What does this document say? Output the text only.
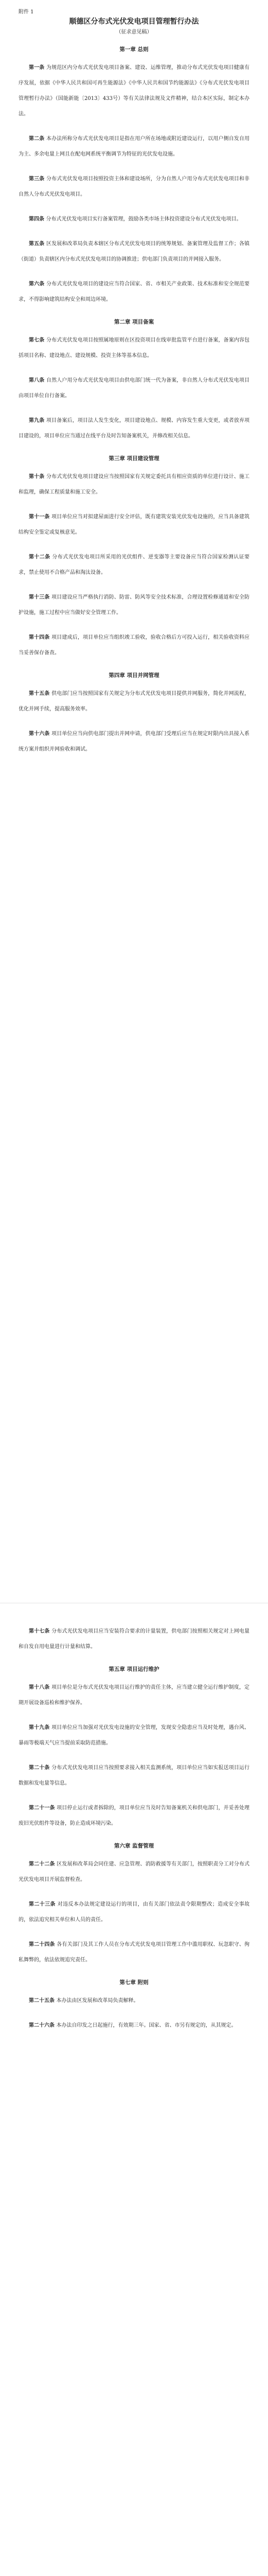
附件 1
顺德区分布式光伏发电项目管理暂行办法
（征求意见稿）
第一章 总则

第一条 为规范区内分布式光伏发电项目备案、建设、运维管理，推动分布式光伏发电项目健康有序发展，依据《中华人民共和国可再生能源法》《中华人民共和国节约能源法》《分布式光伏发电项目管理暂行办法》（国能新能〔2013〕433号）等有关法律法规及文件精神，结合本区实际，制定本办法。

第二条 本办法所称分布式光伏发电项目是指在用户所在场地或附近建设运行，以用户侧自发自用为主、多余电量上网且在配电网系统平衡调节为特征的光伏发电设施。

第三条 分布式光伏发电项目按照投资主体和建设场所，分为自然人户用分布式光伏发电项目和非自然人分布式光伏发电项目。

第四条 分布式光伏发电项目实行备案管理，鼓励各类市场主体投资建设分布式光伏发电项目。

第五条 区发展和改革局负责本辖区分布式光伏发电项目的统筹规划、备案管理及监督工作；各镇（街道）负责辖区内分布式光伏发电项目的协调推进；供电部门负责项目的并网接入服务。

第六条 分布式光伏发电项目的建设应当符合国家、省、市相关产业政策、技术标准和安全规范要求，不得影响建筑结构安全和周边环境。

第二章 项目备案

第七条 分布式光伏发电项目按照属地原则在区投资项目在线审批监管平台进行备案，备案内容包括项目名称、建设地点、建设规模、投资主体等基本信息。

第八条 自然人户用分布式光伏发电项目由供电部门统一代为备案，非自然人分布式光伏发电项目由项目单位自行备案。

第九条 项目备案后，项目法人发生变化，项目建设地点、规模、内容发生重大变更，或者放弃项目建设的，项目单位应当通过在线平台及时告知备案机关，并修改相关信息。

第三章 项目建设管理

第十条 分布式光伏发电项目建设应当按照国家有关规定委托具有相应资质的单位进行设计、施工和监理，确保工程质量和施工安全。

第十一条 项目单位应当对拟建屋面进行安全评估，既有建筑安装光伏发电设施的，应当具备建筑结构安全鉴定或复核意见。

第十二条 分布式光伏发电项目所采用的光伏组件、逆变器等主要设备应当符合国家检测认证要求，禁止使用不合格产品和淘汰设备。

第十三条 项目建设应当严格执行消防、防雷、防风等安全技术标准，合理设置检修通道和安全防护设施，施工过程中应当做好安全管理工作。

第十四条 项目建成后，项目单位应当组织竣工验收，验收合格后方可投入运行，相关验收资料应当妥善保存备查。

第四章 项目并网管理

第十五条 供电部门应当按照国家有关规定为分布式光伏发电项目提供并网服务，简化并网流程，优化并网手续，提高服务效率。

第十六条 项目单位应当向供电部门提出并网申请，供电部门受理后应当在规定时限内出具接入系统方案并组织并网验收和调试。

第十七条 分布式光伏发电项目应当安装符合要求的计量装置，供电部门按照相关规定对上网电量和自发自用电量进行计量和结算。

第五章 项目运行维护

第十八条 项目单位是分布式光伏发电项目运行维护的责任主体，应当建立健全运行维护制度，定期开展设备巡检和维护保养。

第十九条 项目单位应当加强对光伏发电设施的安全管理，发现安全隐患应当及时处理，遇台风、暴雨等极端天气应当提前采取防范措施。

第二十条 分布式光伏发电项目应当按照要求接入相关监测系统，项目单位应当如实报送项目运行数据和发电量等信息。

第二十一条 项目停止运行或者拆除的，项目单位应当及时告知备案机关和供电部门，并妥善处理废旧光伏组件等设备，防止造成环境污染。

第六章 监督管理

第二十二条 区发展和改革局会同住建、应急管理、消防救援等有关部门，按照职责分工对分布式光伏发电项目开展监督检查。

第二十三条 对违反本办法规定建设运行的项目，由有关部门依法责令限期整改；造成安全事故的，依法追究相关单位和人员的责任。

第二十四条 各有关部门及其工作人员在分布式光伏发电项目管理工作中滥用职权、玩忽职守、徇私舞弊的，依法依规追究责任。

第七章 附则

第二十五条 本办法由区发展和改革局负责解释。

第二十六条 本办法自印发之日起施行，有效期三年。国家、省、市另有规定的，从其规定。
